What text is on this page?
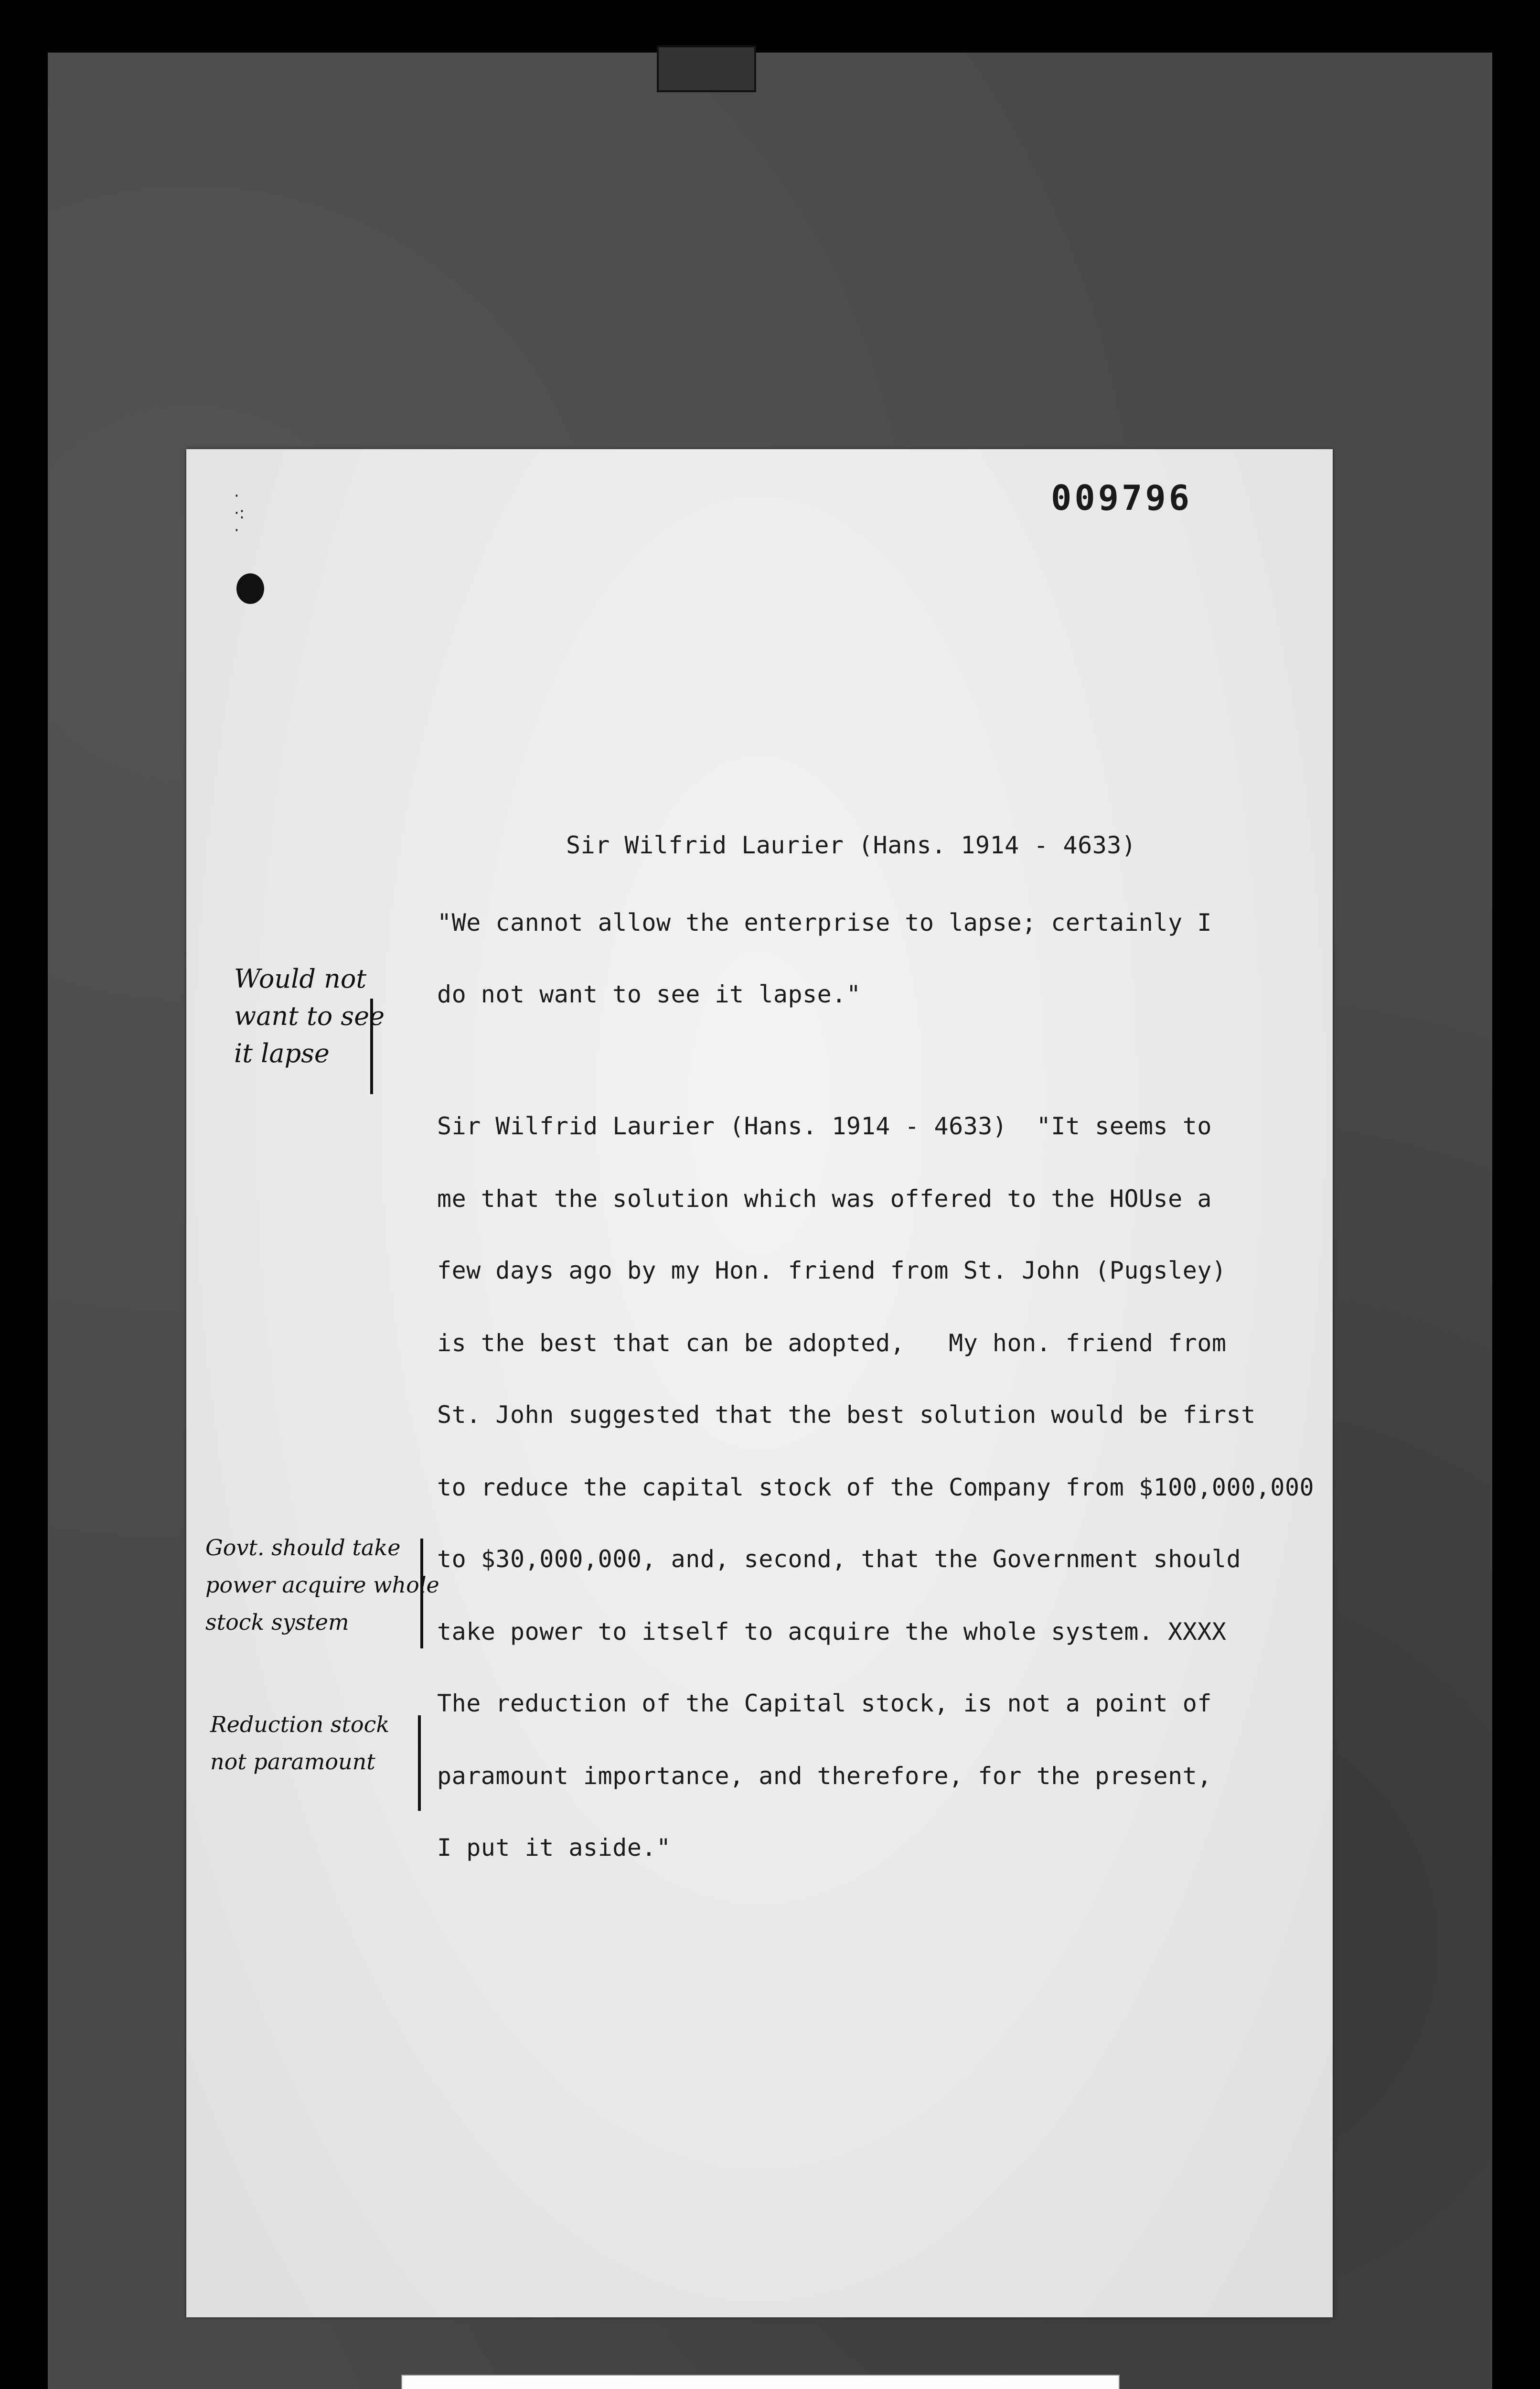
009796
·
·:
·

Sir Wilfrid Laurier (Hans. 1914 - 4633)

"We cannot allow the enterprise to lapse; certainly I

do not want to see it lapse."

Sir Wilfrid Laurier (Hans. 1914 - 4633)  "It seems to

me that the solution which was offered to the HOUse a

few days ago by my Hon. friend from St. John (Pugsley)

is the best that can be adopted,   My hon. friend from

St. John suggested that the best solution would be first

to reduce the capital stock of the Company from $100,000,000

to $30,000,000, and, second, that the Government should

take power to itself to acquire the whole system. XXXX

The reduction of the Capital stock, is not a point of

paramount importance, and therefore, for the present,

I put it aside."

Would not
want to see
it lapse
Govt. should take
power acquire whole
stock system
Reduction stock
not paramount
